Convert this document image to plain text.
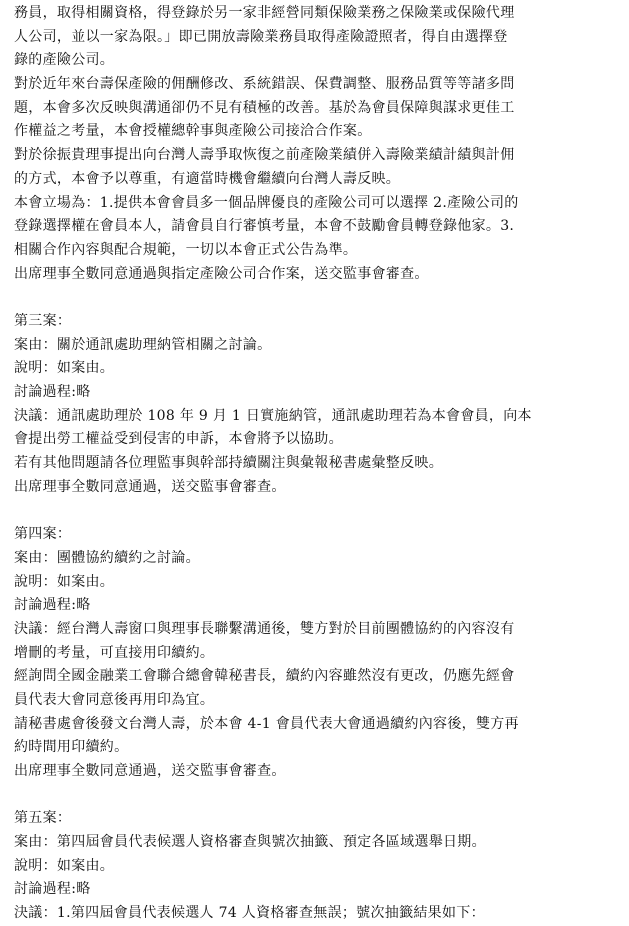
務員，取得相關資格，得登錄於另一家非經營同類保險業務之保險業或保險代理
人公司，並以一家為限。」即已開放壽險業務員取得產險證照者，得自由選擇登
錄的產險公司。
對於近年來台壽保產險的佣酬修改、系統錯誤、保費調整、服務品質等等諸多問
題，本會多次反映與溝通卻仍不見有積極的改善。基於為會員保障與謀求更佳工
作權益之考量，本會授權總幹事與產險公司接洽合作案。
對於徐振貴理事提出向台灣人壽爭取恢復之前產險業績併入壽險業績計績與計佣
的方式，本會予以尊重，有適當時機會繼續向台灣人壽反映。
本會立場為：1.提供本會會員多一個品牌優良的產險公司可以選擇 2.產險公司的
登錄選擇權在會員本人，請會員自行審慎考量，本會不鼓勵會員轉登錄他家。3.
相關合作內容與配合規範，一切以本會正式公告為準。
出席理事全數同意通過與指定產險公司合作案，送交監事會審查。
第三案：
案由：關於通訊處助理納管相關之討論。
說明：如案由。
討論過程:略
決議：通訊處助理於 108 年 9 月 1 日實施納管，通訊處助理若為本會會員，向本
會提出勞工權益受到侵害的申訴，本會將予以協助。
若有其他問題請各位理監事與幹部持續關注與彙報秘書處彙整反映。
出席理事全數同意通過，送交監事會審查。
第四案：
案由：團體協約續約之討論。
說明：如案由。
討論過程:略
決議：經台灣人壽窗口與理事長聯繫溝通後，雙方對於目前團體協約的內容沒有
增刪的考量，可直接用印續約。
經詢問全國金融業工會聯合總會韓秘書長，續約內容雖然沒有更改，仍應先經會
員代表大會同意後再用印為宜。
請秘書處會後發文台灣人壽，於本會 4-1 會員代表大會通過續約內容後，雙方再
約時間用印續約。
出席理事全數同意通過，送交監事會審查。
第五案：
案由：第四屆會員代表候選人資格審查與號次抽籤、預定各區域選舉日期。
說明：如案由。
討論過程:略
決議：1.第四屆會員代表候選人 74 人資格審查無誤；號次抽籤結果如下：
